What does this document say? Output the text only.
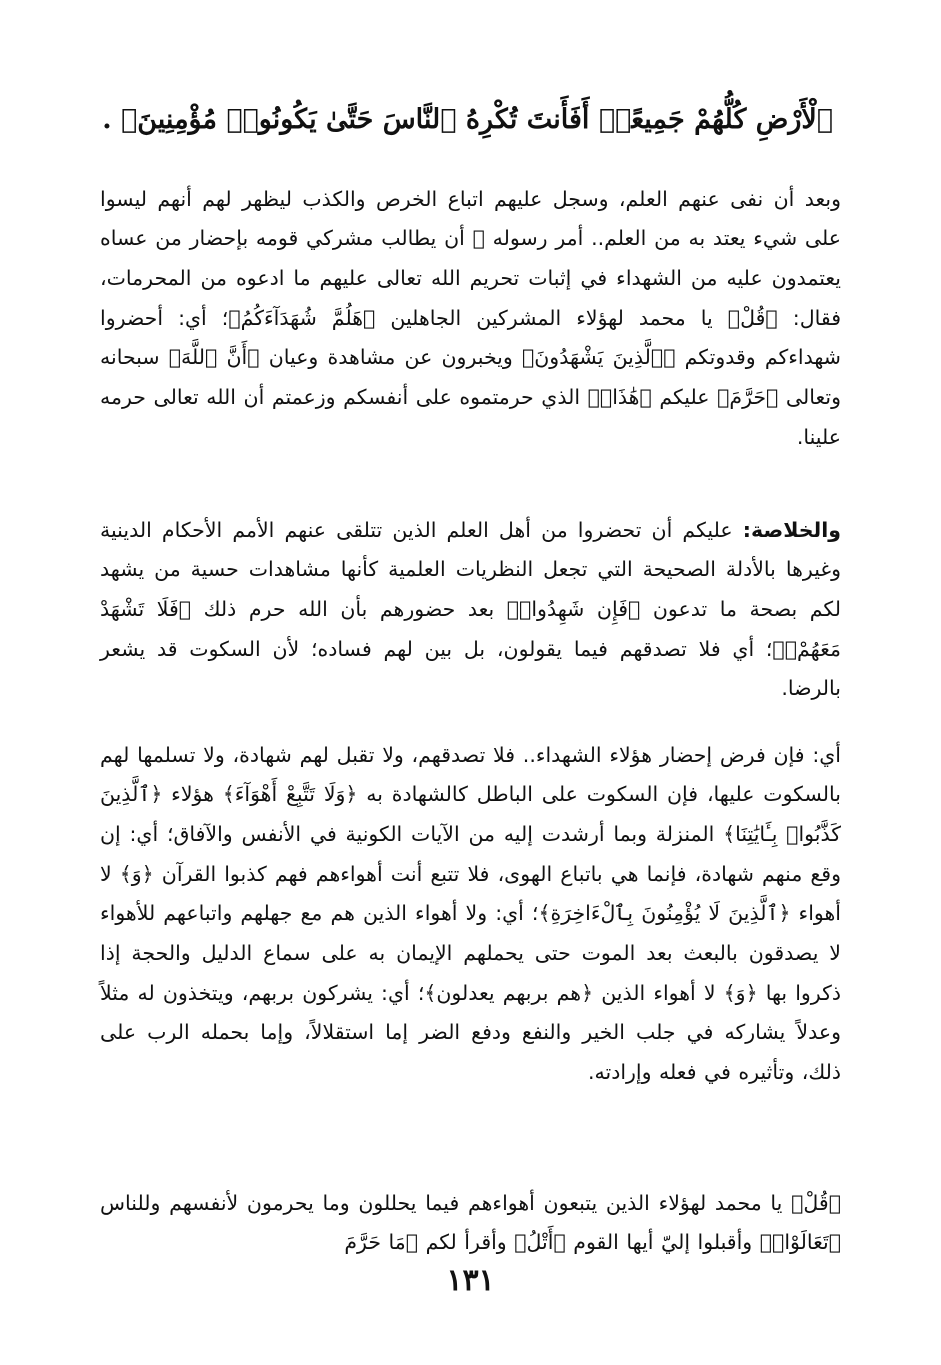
ٱلْأَرْضِ كُلُّهُمْ جَمِيعًاۚ أَفَأَنتَ تُكْرِهُ ٱلنَّاسَ حَتَّىٰ يَكُونُوا۟ مُؤْمِنِينَ﴾ .

وبعد أن نفى عنهم العلم، وسجل عليهم اتباع الخرص والكذب ليظهر لهم أنهم ليسوا على شيء يعتد به من العلم.. أمر رسوله ﷺ أن يطالب مشركي قومه بإحضار من عساه يعتمدون عليه من الشهداء في إثبات تحريم الله تعالى عليهم ما ادعوه من المحرمات، فقال: ﴿قُلْ﴾ يا محمد لهؤلاء المشركين الجاهلين ﴿هَلُمَّ شُهَدَآءَكُمُ﴾؛ أي: أحضروا شهداءكم وقدوتكم ﴿ٱلَّذِينَ يَشْهَدُونَ﴾ ويخبرون عن مشاهدة وعيان ﴿أَنَّ ٱللَّهَ﴾ سبحانه وتعالى ﴿حَرَّمَ﴾ عليكم ﴿هَٰذَاۖ﴾ الذي حرمتموه على أنفسكم وزعمتم أن الله تعالى حرمه علينا.

والخلاصة: عليكم أن تحضروا من أهل العلم الذين تتلقى عنهم الأمم الأحكام الدينية وغيرها بالأدلة الصحيحة التي تجعل النظريات العلمية كأنها مشاهدات حسية من يشهد لكم بصحة ما تدعون ﴿فَإِن شَهِدُوا۟﴾ بعد حضورهم بأن الله حرم ذلك ﴿فَلَا تَشْهَدْ مَعَهُمْۚ﴾؛ أي فلا تصدقهم فيما يقولون، بل بين لهم فساده؛ لأن السكوت قد يشعر بالرضا.

أي: فإن فرض إحضار هؤلاء الشهداء.. فلا تصدقهم، ولا تقبل لهم شهادة، ولا تسلمها لهم بالسكوت عليها، فإن السكوت على الباطل كالشهادة به ﴿وَلَا تَتَّبِعْ أَهْوَآءَ﴾ هؤلاء ﴿ٱلَّذِينَ كَذَّبُوا۟ بِـَٔايَٰتِنَا﴾ المنزلة وبما أرشدت إليه من الآيات الكونية في الأنفس والآفاق؛ أي: إن وقع منهم شهادة، فإنما هي باتباع الهوى، فلا تتبع أنت أهواءهم فهم كذبوا القرآن ﴿وَ﴾ لا أهواء ﴿ٱلَّذِينَ لَا يُؤْمِنُونَ بِٱلْءَاخِرَةِ﴾؛ أي: ولا أهواء الذين هم مع جهلهم واتباعهم للأهواء لا يصدقون بالبعث بعد الموت حتى يحملهم الإيمان به على سماع الدليل والحجة إذا ذكروا بها ﴿وَ﴾ لا أهواء الذين ﴿هم بربهم يعدلون﴾؛ أي: يشركون بربهم، ويتخذون له مثلاً وعدلاً يشاركه في جلب الخير والنفع ودفع الضر إما استقلالاً، وإما بحمله الرب على ذلك، وتأثيره في فعله وإرادته.

﴿قُلْ﴾ يا محمد لهؤلاء الذين يتبعون أهواءهم فيما يحللون وما يحرمون لأنفسهم وللناس ﴿تَعَالَوْا۟﴾ وأقبلوا إليّ أيها القوم ﴿أَتْلُ﴾ وأقرأ لكم ﴿مَا حَرَّمَ

١٣١
